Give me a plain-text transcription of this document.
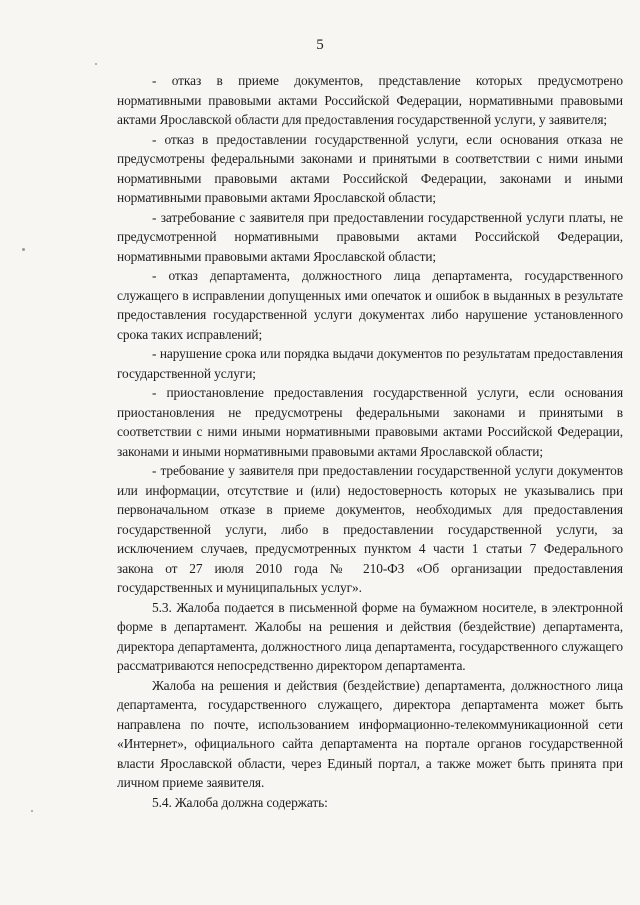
5

- отказ в приеме документов, представление которых предусмотрено нормативными правовыми актами Российской Федерации, нормативными правовыми актами Ярославской области для предоставления государственной услуги, у заявителя;

- отказ в предоставлении государственной услуги, если основания отказа не предусмотрены федеральными законами и принятыми в соответствии с ними иными нормативными правовыми актами Российской Федерации, законами и иными нормативными правовыми актами Ярославской области;

- затребование с заявителя при предоставлении государственной услуги платы, не предусмотренной нормативными правовыми актами Российской Федерации, нормативными правовыми актами Ярославской области;

- отказ департамента, должностного лица департамента, государственного служащего в исправлении допущенных ими опечаток и ошибок в выданных в результате предоставления государственной услуги документах либо нарушение установленного срока таких исправлений;

- нарушение срока или порядка выдачи документов по результатам предоставления государственной услуги;

- приостановление предоставления государственной услуги, если основания приостановления не предусмотрены федеральными законами и принятыми в соответствии с ними иными нормативными правовыми актами Российской Федерации, законами и иными нормативными правовыми актами Ярославской области;

- требование у заявителя при предоставлении государственной услуги документов или информации, отсутствие и (или) недостоверность которых не указывались при первоначальном отказе в приеме документов, необходимых для предоставления государственной услуги, либо в предоставлении государственной услуги, за исключением случаев, предусмотренных пунктом 4 части 1 статьи 7 Федерального закона от 27 июля 2010 года № 210-ФЗ «Об организации предоставления государственных и муниципальных услуг».

5.3. Жалоба подается в письменной форме на бумажном носителе, в электронной форме в департамент. Жалобы на решения и действия (бездействие) департамента, директора департамента, должностного лица департамента, государственного служащего рассматриваются непосредственно директором департамента.

Жалоба на решения и действия (бездействие) департамента, должностного лица департамента, государственного служащего, директора департамента может быть направлена по почте, использованием информационно-телекоммуникационной сети «Интернет», официального сайта департамента на портале органов государственной власти Ярославской области, через Единый портал, а также может быть принята при личном приеме заявителя.

5.4. Жалоба должна содержать:
